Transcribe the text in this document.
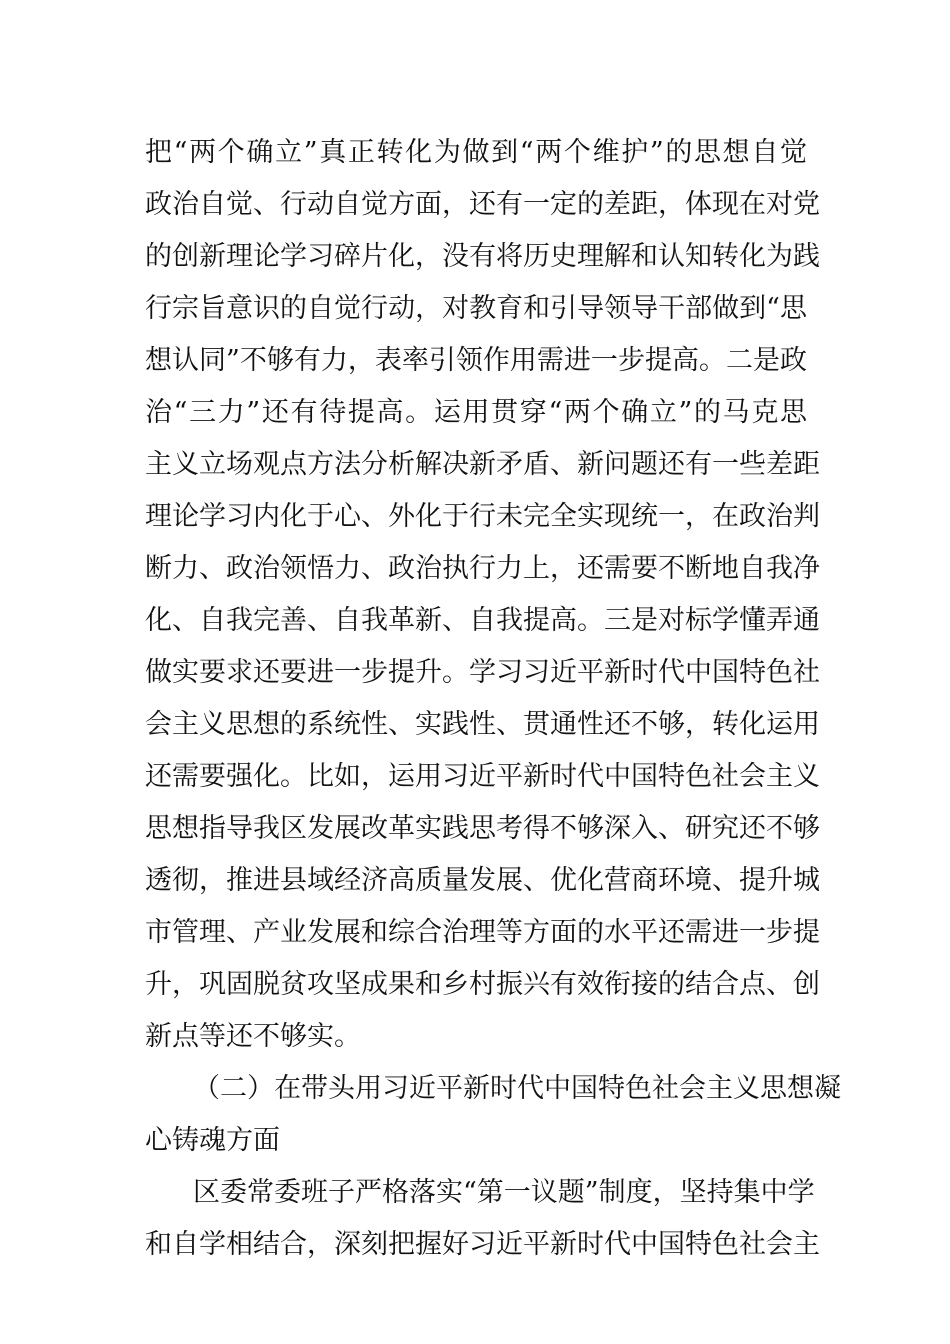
把“两个确立”真正转化为做到“两个维护”的思想自觉
政治自觉、行动自觉方面，还有一定的差距，体现在对党
的创新理论学习碎片化，没有将历史理解和认知转化为践
行宗旨意识的自觉行动，对教育和引导领导干部做到“思
想认同”不够有力，表率引领作用需进一步提高。二是政
治“三力”还有待提高。运用贯穿“两个确立”的马克思
主义立场观点方法分析解决新矛盾、新问题还有一些差距
理论学习内化于心、外化于行未完全实现统一，在政治判
断力、政治领悟力、政治执行力上，还需要不断地自我净
化、自我完善、自我革新、自我提高。三是对标学懂弄通
做实要求还要进一步提升。学习习近平新时代中国特色社
会主义思想的系统性、实践性、贯通性还不够，转化运用
还需要强化。比如，运用习近平新时代中国特色社会主义
思想指导我区发展改革实践思考得不够深入、研究还不够
透彻，推进县域经济高质量发展、优化营商环境、提升城
市管理、产业发展和综合治理等方面的水平还需进一步提
升，巩固脱贫攻坚成果和乡村振兴有效衔接的结合点、创
新点等还不够实。
（二）在带头用习近平新时代中国特色社会主义思想凝
心铸魂方面
区委常委班子严格落实“第一议题”制度，坚持集中学
和自学相结合，深刻把握好习近平新时代中国特色社会主
